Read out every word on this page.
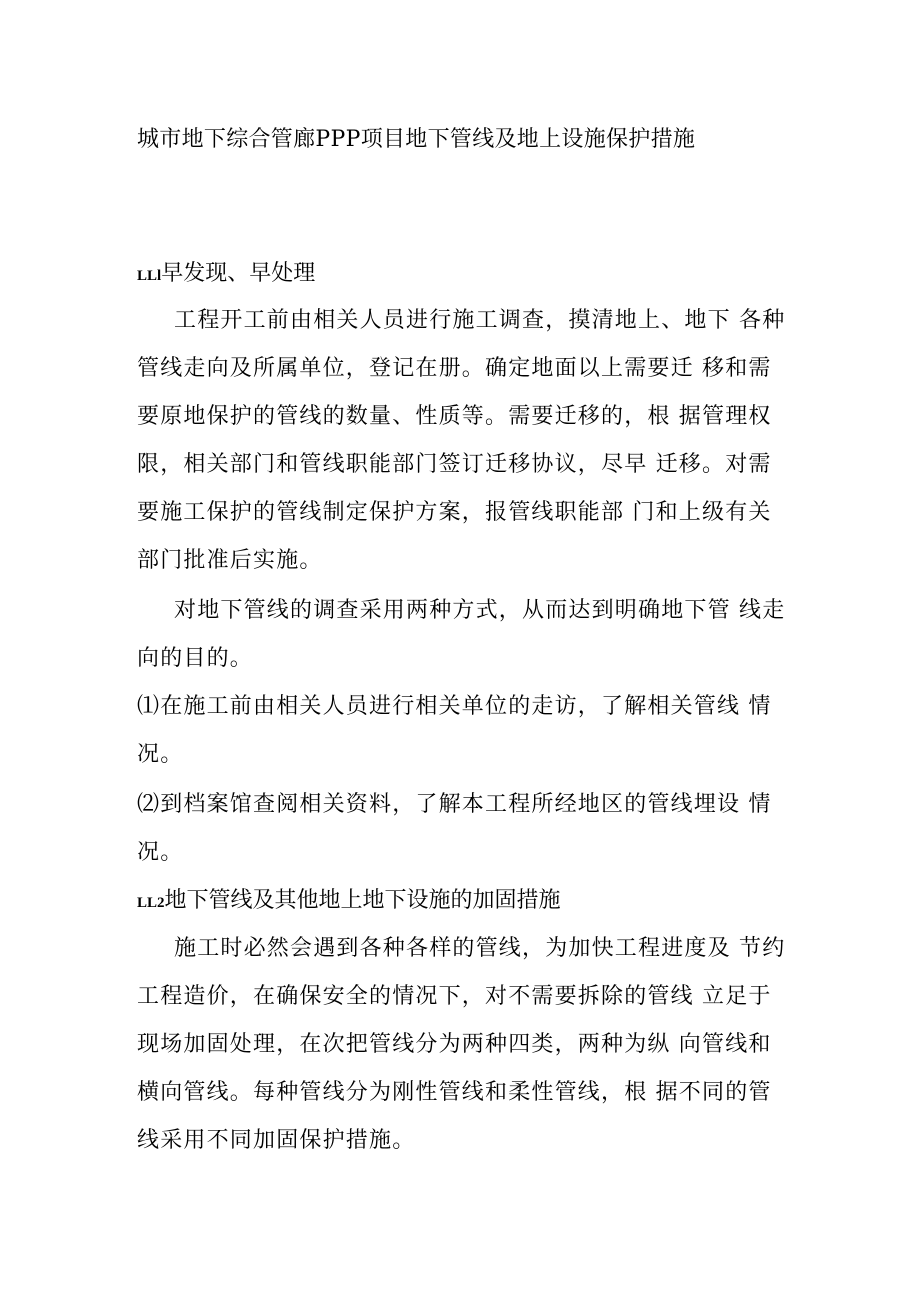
城市地下综合管廊PPP项目地下管线及地上设施保护措施
LLl早发现、早处理
工程开工前由相关人员进行施工调查，摸清地上、地下 各种
管线走向及所属单位，登记在册。确定地面以上需要迁 移和需
要原地保护的管线的数量、性质等。需要迁移的，根 据管理权
限，相关部门和管线职能部门签订迁移协议，尽早 迁移。对需
要施工保护的管线制定保护方案，报管线职能部 门和上级有关
部门批准后实施。
对地下管线的调查采用两种方式，从而达到明确地下管 线走
向的目的。
⑴在施工前由相关人员进行相关单位的走访，了解相关管线 情
况。
⑵到档案馆查阅相关资料，了解本工程所经地区的管线埋设 情
况。
LL2地下管线及其他地上地下设施的加固措施
施工时必然会遇到各种各样的管线，为加快工程进度及 节约
工程造价，在确保安全的情况下，对不需要拆除的管线 立足于
现场加固处理，在次把管线分为两种四类，两种为纵 向管线和
横向管线。每种管线分为刚性管线和柔性管线，根 据不同的管
线采用不同加固保护措施。
